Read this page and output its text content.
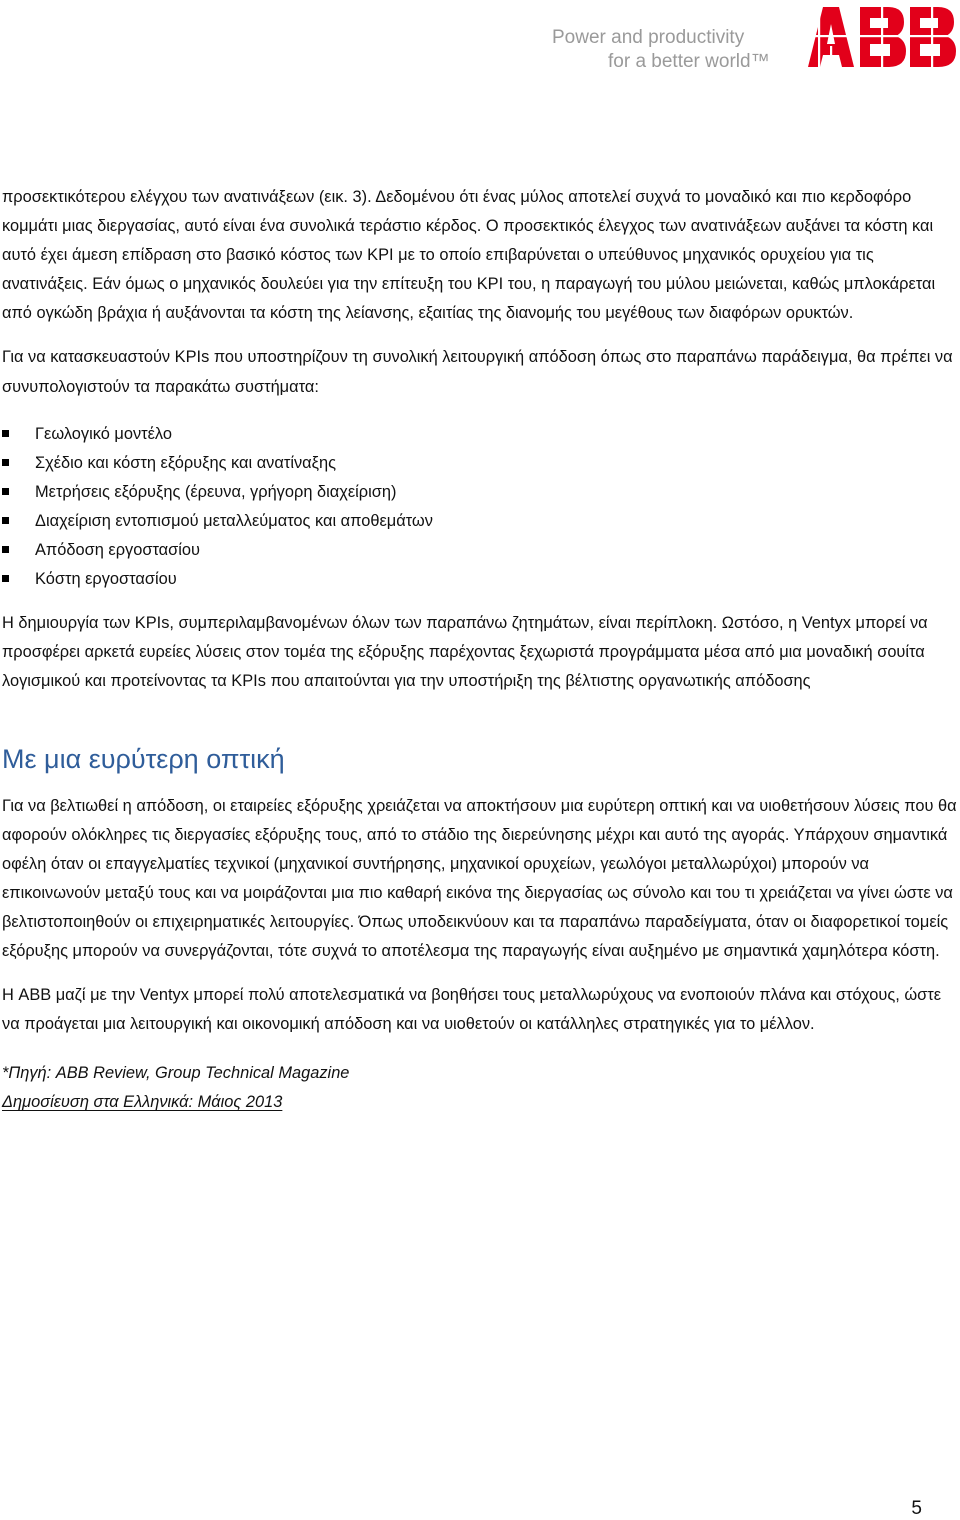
Power and productivity
for a better world™

προσεκτικότερου ελέγχου των ανατινάξεων (εικ. 3). Δεδομένου ότι ένας μύλος αποτελεί συχνά το μοναδικό και πιο κερδοφόρο κομμάτι μιας διεργασίας, αυτό είναι ένα συνολικά τεράστιο κέρδος. Ο προσεκτικός έλεγχος των ανατινάξεων αυξάνει τα κόστη και αυτό έχει άμεση επίδραση στο βασικό κόστος των KPI με το οποίο επιβαρύνεται ο υπεύθυνος μηχανικός ορυχείου για τις ανατινάξεις. Εάν όμως ο μηχανικός δουλεύει για την επίτευξη του KPI του, η παραγωγή του μύλου μειώνεται, καθώς μπλοκάρεται από ογκώδη βράχια ή αυξάνονται τα κόστη της λείανσης, εξαιτίας της διανομής του μεγέθους των διαφόρων ορυκτών.

Για να κατασκευαστούν KPIs που υποστηρίζουν τη συνολική λειτουργική απόδοση όπως στο παραπάνω παράδειγμα, θα πρέπει να συνυπολογιστούν τα παρακάτω συστήματα:

Γεωλογικό μοντέλο
Σχέδιο και κόστη εξόρυξης και ανατίναξης
Μετρήσεις εξόρυξης (έρευνα, γρήγορη διαχείριση)
Διαχείριση εντοπισμού μεταλλεύματος και αποθεμάτων
Απόδοση εργοστασίου
Κόστη εργοστασίου

Η δημιουργία των KPIs, συμπεριλαμβανομένων όλων των παραπάνω ζητημάτων, είναι περίπλοκη. Ωστόσο, η Ventyx μπορεί να προσφέρει αρκετά ευρείες λύσεις στον τομέα της εξόρυξης παρέχοντας ξεχωριστά προγράμματα μέσα από μια μοναδική σουίτα λογισμικού και προτείνοντας τα KPIs που απαιτούνται για την υποστήριξη της βέλτιστης οργανωτικής απόδοσης

Με μια ευρύτερη οπτική

Για να βελτιωθεί η απόδοση, οι εταιρείες εξόρυξης χρειάζεται να αποκτήσουν μια ευρύτερη οπτική και να υιοθετήσουν λύσεις που θα αφορούν ολόκληρες τις διεργασίες εξόρυξης τους, από το στάδιο της διερεύνησης μέχρι και αυτό της αγοράς. Υπάρχουν σημαντικά οφέλη όταν οι επαγγελματίες τεχνικοί (μηχανικοί συντήρησης, μηχανικοί ορυχείων, γεωλόγοι μεταλλωρύχοι) μπορούν να επικοινωνούν μεταξύ τους και να μοιράζονται μια πιο καθαρή εικόνα της διεργασίας ως σύνολο και του τι χρειάζεται να γίνει ώστε να βελτιστοποιηθούν οι επιχειρηματικές λειτουργίες. Όπως υποδεικνύουν και τα παραπάνω παραδείγματα, όταν οι διαφορετικοί τομείς εξόρυξης μπορούν να συνεργάζονται, τότε συχνά το αποτέλεσμα της παραγωγής είναι αυξημένο με σημαντικά χαμηλότερα κόστη.

Η ABB μαζί με την Ventyx μπορεί πολύ αποτελεσματικά να βοηθήσει τους μεταλλωρύχους να ενοποιούν πλάνα και στόχους, ώστε να προάγεται μια λειτουργική και οικονομική απόδοση και να υιοθετούν οι κατάλληλες στρατηγικές για το μέλλον.

*Πηγή: ABB Review, Group Technical Magazine

Δημοσίευση στα Ελληνικά: Μάιος 2013

5
